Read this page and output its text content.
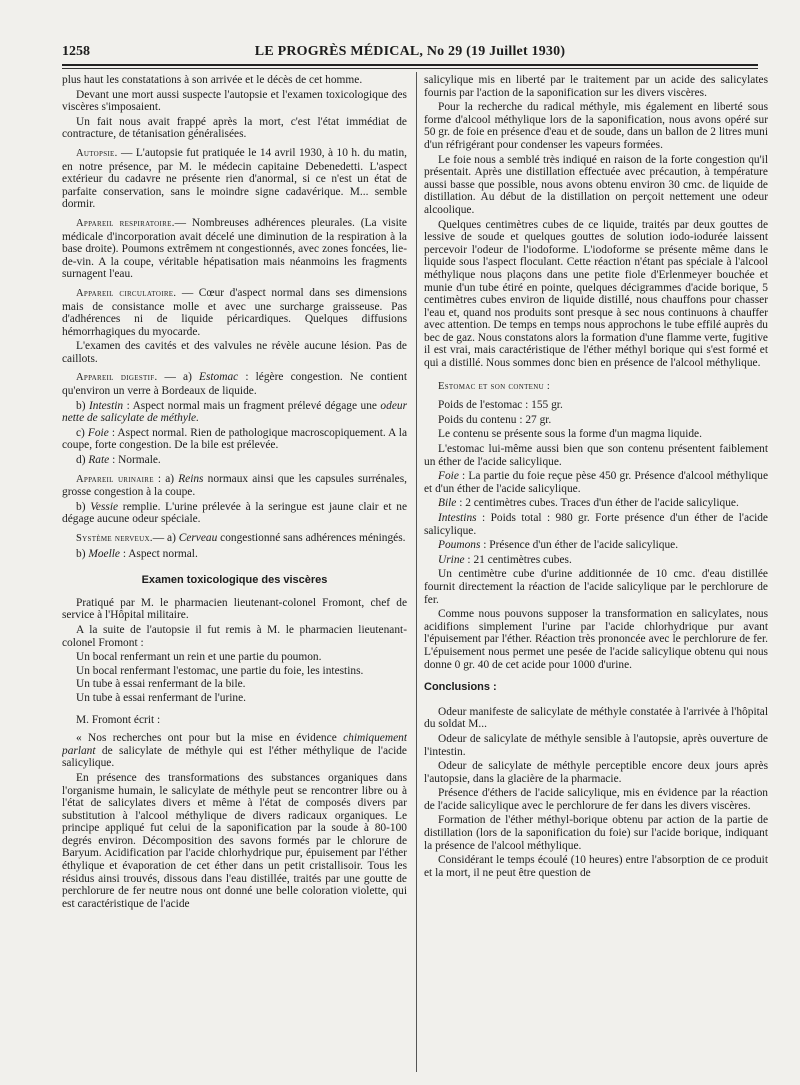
1258	LE PROGRÈS MÉDICAL, No 29 (19 Juillet 1930)

plus haut les constatations à son arrivée et le décès de cet homme.

Devant une mort aussi suspecte l'autopsie et l'examen toxicologique des viscères s'imposaient.

Un fait nous avait frappé après la mort, c'est l'état immédiat de contracture, de tétanisation généralisées.

Autopsie. — L'autopsie fut pratiquée le 14 avril 1930, à 10 h. du matin, en notre présence, par M. le médecin capitaine Debenedetti. L'aspect extérieur du cadavre ne présente rien d'anormal, si ce n'est un état de parfaite conservation, sans le moindre signe cadavérique. M... semble dormir.

Appareil respiratoire.— Nombreuses adhérences pleurales. (La visite médicale d'incorporation avait décelé une diminution de la respiration à la base droite). Poumons extrêmem nt congestionnés, avec zones foncées, lie-de-vin. A la coupe, véritable hépatisation mais néanmoins les fragments surnagent l'eau.

Appareil circulatoire. — Cœur d'aspect normal dans ses dimensions mais de consistance molle et avec une surcharge graisseuse. Pas d'adhérences ni de liquide péricardiques. Quelques diffusions hémorrhagiques du myocarde.

L'examen des cavités et des valvules ne révèle aucune lésion. Pas de caillots.

Appareil digestif. — a) Estomac : légère congestion. Ne contient qu'environ un verre à Bordeaux de liquide.

b) Intestin : Aspect normal mais un fragment prélevé dégage une odeur nette de salicylate de méthyle.

c) Foie : Aspect normal. Rien de pathologique macroscopiquement. A la coupe, forte congestion. De la bile est prélevée.

d) Rate : Normale.

Appareil urinaire : a) Reins normaux ainsi que les capsules surrénales, grosse congestion à la coupe.

b) Vessie remplie. L'urine prélevée à la seringue est jaune clair et ne dégage aucune odeur spéciale.

Système nerveux.— a) Cerveau congestionné sans adhérences méningés.

b) Moelle : Aspect normal.

Examen toxicologique des viscères

Pratiqué par M. le pharmacien lieutenant-colonel Fromont, chef de service à l'Hôpital militaire.

A la suite de l'autopsie il fut remis à M. le pharmacien lieutenant-colonel Fromont :

Un bocal renfermant un rein et une partie du poumon.

Un bocal renfermant l'estomac, une partie du foie, les intestins.

Un tube à essai renfermant de la bile.

Un tube à essai renfermant de l'urine.

M. Fromont écrit :

« Nos recherches ont pour but la mise en évidence chimiquement parlant de salicylate de méthyle qui est l'éther méthylique de l'acide salicylique.

En présence des transformations des substances organiques dans l'organisme humain, le salicylate de méthyle peut se rencontrer libre ou à l'état de salicylates divers et même à l'état de composés divers par substitution à l'alcool méthylique de divers radicaux organiques. Le principe appliqué fut celui de la saponification par la soude à 80-100 degrés environ. Décomposition des savons formés par le chlorure de Baryum. Acidification par l'acide chlorhydrique pur, épuisement par l'éther éthylique et évaporation de cet éther dans un petit cristallisoir. Tous les résidus ainsi trouvés, dissous dans l'eau distillée, traités par une goutte de perchlorure de fer neutre nous ont donné une belle coloration violette, qui est caractéristique de l'acide

salicylique mis en liberté par le traitement par un acide des salicylates fournis par l'action de la saponification sur les divers viscères.

Pour la recherche du radical méthyle, mis également en liberté sous forme d'alcool méthylique lors de la saponification, nous avons opéré sur 50 gr. de foie en présence d'eau et de soude, dans un ballon de 2 litres muni d'un réfrigérant pour condenser les vapeurs formées.

Le foie nous a semblé très indiqué en raison de la forte congestion qu'il présentait. Après une distillation effectuée avec précaution, à température aussi basse que possible, nous avons obtenu environ 30 cmc. de liquide de distillation. Au début de la distillation on perçoit nettement une odeur alcoolique.

Quelques centimètres cubes de ce liquide, traités par deux gouttes de lessive de soude et quelques gouttes de solution iodo-iodurée laissent percevoir l'odeur de l'iodoforme. L'iodoforme se présente même dans le liquide sous l'aspect floculant. Cette réaction n'étant pas spéciale à l'alcool méthylique nous plaçons dans une petite fiole d'Erlenmeyer bouchée et munie d'un tube étiré en pointe, quelques décigrammes d'acide borique, 5 centimètres cubes environ de liquide distillé, nous chauffons pour chasser l'eau et, quand nos produits sont presque à sec nous continuons à chauffer avec attention. De temps en temps nous approchons le tube effilé auprès du bec de gaz. Nous constatons alors la formation d'une flamme verte, fugitive il est vrai, mais caractéristique de l'éther méthyl borique qui s'est formé et qui a distillé. Nous sommes donc bien en présence de l'alcool méthylique.

Estomac et son contenu :

Poids de l'estomac : 155 gr.

Poids du contenu : 27 gr.

Le contenu se présente sous la forme d'un magma liquide.

L'estomac lui-même aussi bien que son contenu présentent faiblement un éther de l'acide salicylique.

Foie : La partie du foie reçue pèse 450 gr. Présence d'alcool méthylique et d'un éther de l'acide salicylique.

Bile : 2 centimètres cubes. Traces d'un éther de l'acide salicylique.

Intestins : Poids total : 980 gr. Forte présence d'un éther de l'acide salicylique.

Poumons : Présence d'un éther de l'acide salicylique.

Urine : 21 centimètres cubes.

Un centimètre cube d'urine additionnée de 10 cmc. d'eau distillée fournit directement la réaction de l'acide salicylique par le perchlorure de fer.

Comme nous pouvons supposer la transformation en salicylates, nous acidifions simplement l'urine par l'acide chlorhydrique pur avant l'épuisement par l'éther. Réaction très prononcée avec le perchlorure de fer. L'épuisement nous permet une pesée de l'acide salicylique obtenu qui nous donne 0 gr. 40 de cet acide pour 1000 d'urine.

Conclusions :

Odeur manifeste de salicylate de méthyle constatée à l'arrivée à l'hôpital du soldat M...

Odeur de salicylate de méthyle sensible à l'autopsie, après ouverture de l'intestin.

Odeur de salicylate de méthyle perceptible encore deux jours après l'autopsie, dans la glacière de la pharmacie.

Présence d'éthers de l'acide salicylique, mis en évidence par la réaction de l'acide salicylique avec le perchlorure de fer dans les divers viscères.

Formation de l'éther méthyl-borique obtenu par action de la partie de distillation (lors de la saponification du foie) sur l'acide borique, indiquant la présence de l'alcool méthylique.

Considérant le temps écoulé (10 heures) entre l'absorption de ce produit et la mort, il ne peut être question de
